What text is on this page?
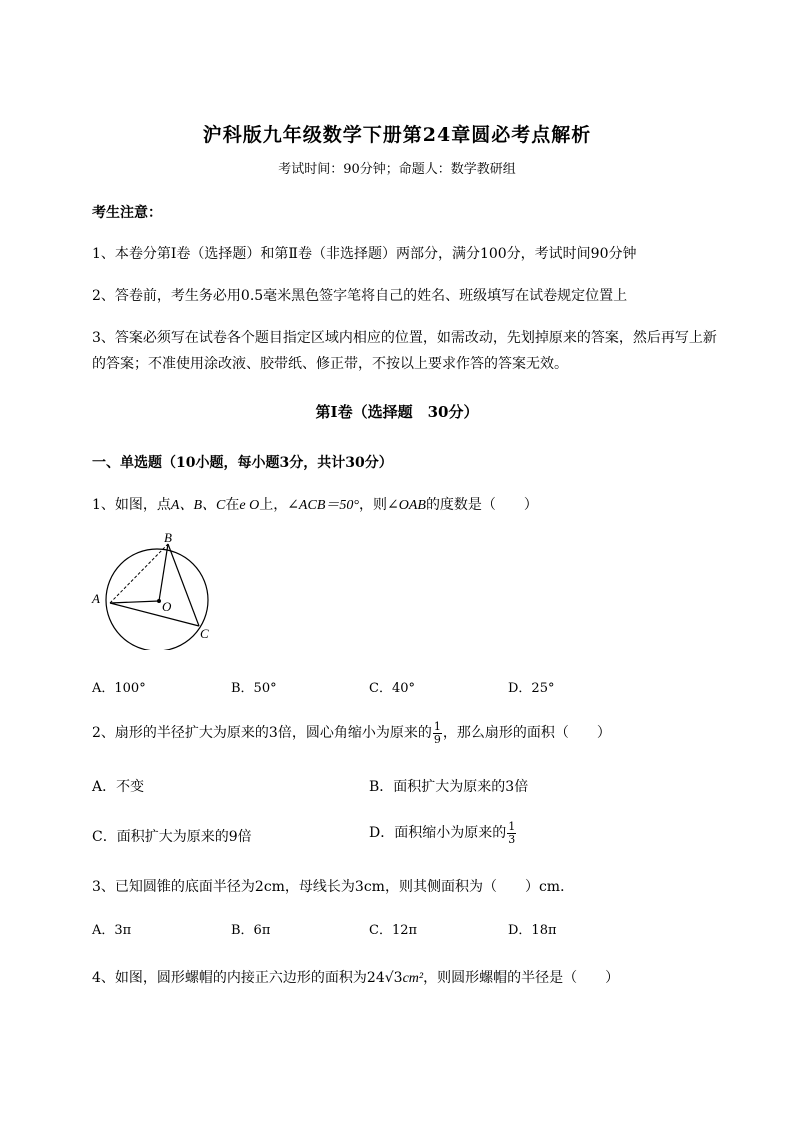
沪科版九年级数学下册第24章圆必考点解析
考试时间：90分钟；命题人：数学教研组
考生注意：
1、本卷分第I卷（选择题）和第Ⅱ卷（非选择题）两部分，满分100分，考试时间90分钟
2、答卷前，考生务必用0.5毫米黑色签字笔将自己的姓名、班级填写在试卷规定位置上
3、答案必须写在试卷各个题目指定区域内相应的位置，如需改动，先划掉原来的答案，然后再写上新
的答案；不准使用涂改液、胶带纸、修正带，不按以上要求作答的答案无效。
第I卷（选择题　30分）
一、单选题（10小题，每小题3分，共计30分）
1、如图，点A、B、C在e O上，∠ACB＝50°，则∠OAB的度数是（　　）
A
B
C
O
A．100°	B．50°	C．40°	D．25°
2、扇形的半径扩大为原来的3倍，圆心角缩小为原来的 $\frac{1}{9}$ ，那么扇形的面积（　　）
A．不变	B．面积扩大为原来的3倍
C．面积扩大为原来的9倍	D．面积缩小为原来的 $\frac{1}{3}$
3、已知圆锥的底面半径为2cm，母线长为3cm，则其侧面积为（　　）cm．
A．3π	B．6π	C．12π	D．18π
4、如图，圆形螺帽的内接正六边形的面积为24√3cm²，则圆形螺帽的半径是（　　）
